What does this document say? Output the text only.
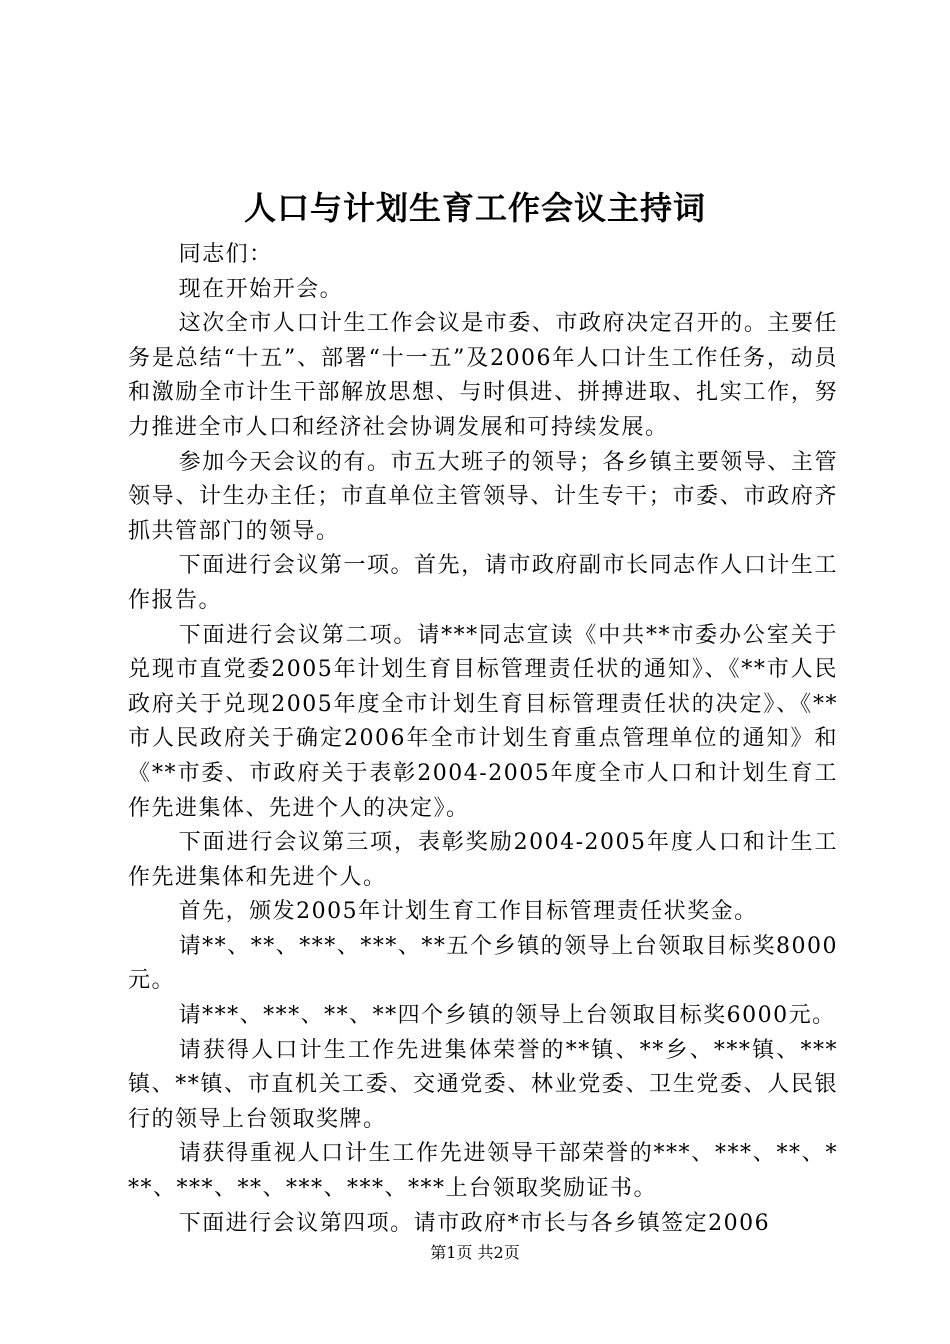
人口与计划生育工作会议主持词

同志们：

现在开始开会。

这次全市人口计生工作会议是市委、市政府决定召开的。主要任务是总结“十五”、部署“十一五”及2006年人口计生工作任务，动员和激励全市计生干部解放思想、与时俱进、拼搏进取、扎实工作，努力推进全市人口和经济社会协调发展和可持续发展。

参加今天会议的有。市五大班子的领导；各乡镇主要领导、主管领导、计生办主任；市直单位主管领导、计生专干；市委、市政府齐抓共管部门的领导。

下面进行会议第一项。首先，请市政府副市长同志作人口计生工作报告。

下面进行会议第二项。请***同志宣读《中共**市委办公室关于兑现市直党委2005年计划生育目标管理责任状的通知》、《**市人民政府关于兑现2005年度全市计划生育目标管理责任状的决定》、《**市人民政府关于确定2006年全市计划生育重点管理单位的通知》和《**市委、市政府关于表彰2004-2005年度全市人口和计划生育工作先进集体、先进个人的决定》。

下面进行会议第三项，表彰奖励2004-2005年度人口和计生工作先进集体和先进个人。

首先，颁发2005年计划生育工作目标管理责任状奖金。

请**、**、***、***、**五个乡镇的领导上台领取目标奖8000元。

请***、***、**、**四个乡镇的领导上台领取目标奖6000元。

请获得人口计生工作先进集体荣誉的**镇、**乡、***镇、***镇、**镇、市直机关工委、交通党委、林业党委、卫生党委、人民银行的领导上台领取奖牌。

请获得重视人口计生工作先进领导干部荣誉的***、***、**、***、***、**、***、***、***上台领取奖励证书。

下面进行会议第四项。请市政府*市长与各乡镇签定2006

第1页 共2页
